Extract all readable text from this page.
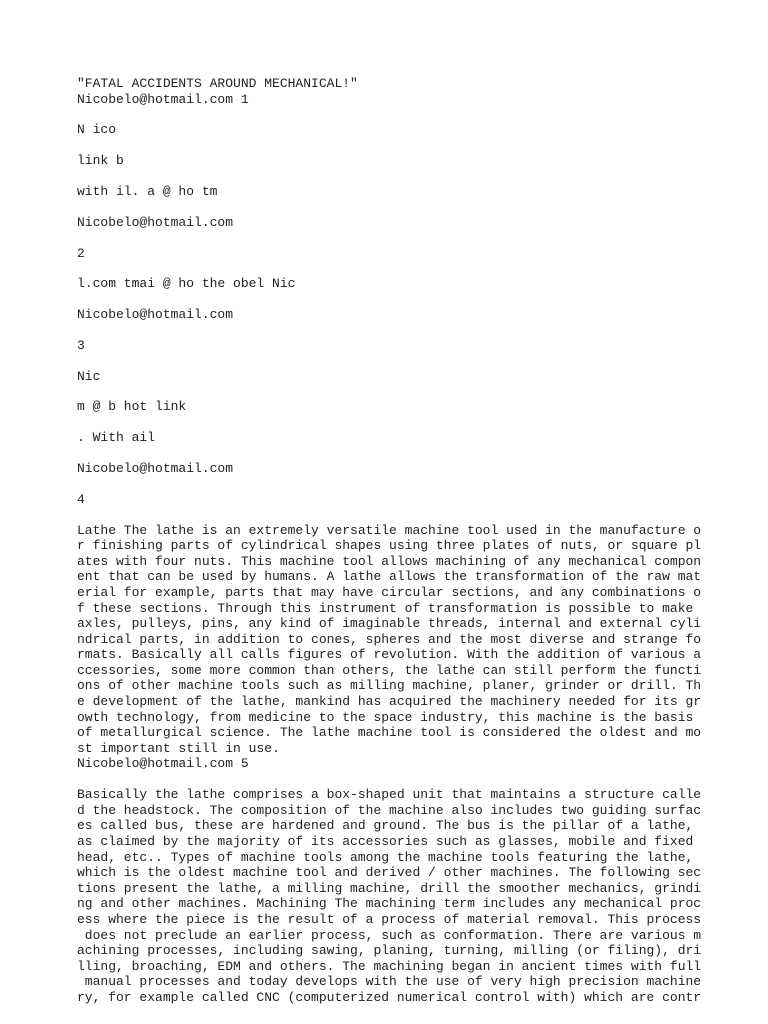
"FATAL ACCIDENTS AROUND MECHANICAL!"
Nicobelo@hotmail.com 1
N ico
link b
with il. a @ ho tm
Nicobelo@hotmail.com
2
l.com tmai @ ho the obel Nic
Nicobelo@hotmail.com
3
Nic
m @ b hot link
. With ail
Nicobelo@hotmail.com
4
Lathe The lathe is an extremely versatile machine tool used in the manufacture o
r finishing parts of cylindrical shapes using three plates of nuts, or square pl
ates with four nuts. This machine tool allows machining of any mechanical compon
ent that can be used by humans. A lathe allows the transformation of the raw mat
erial for example, parts that may have circular sections, and any combinations o
f these sections. Through this instrument of transformation is possible to make
axles, pulleys, pins, any kind of imaginable threads, internal and external cyli
ndrical parts, in addition to cones, spheres and the most diverse and strange fo
rmats. Basically all calls figures of revolution. With the addition of various a
ccessories, some more common than others, the lathe can still perform the functi
ons of other machine tools such as milling machine, planer, grinder or drill. Th
e development of the lathe, mankind has acquired the machinery needed for its gr
owth technology, from medicine to the space industry, this machine is the basis
of metallurgical science. The lathe machine tool is considered the oldest and mo
st important still in use.
Nicobelo@hotmail.com 5
Basically the lathe comprises a box-shaped unit that maintains a structure calle
d the headstock. The composition of the machine also includes two guiding surfac
es called bus, these are hardened and ground. The bus is the pillar of a lathe,
as claimed by the majority of its accessories such as glasses, mobile and fixed
head, etc.. Types of machine tools among the machine tools featuring the lathe,
which is the oldest machine tool and derived / other machines. The following sec
tions present the lathe, a milling machine, drill the smoother mechanics, grindi
ng and other machines. Machining The machining term includes any mechanical proc
ess where the piece is the result of a process of material removal. This process
does not preclude an earlier process, such as conformation. There are various m
achining processes, including sawing, planing, turning, milling (or filing), dri
lling, broaching, EDM and others. The machining began in ancient times with full
manual processes and today develops with the use of very high precision machine
ry, for example called CNC (computerized numerical control with) which are contr
